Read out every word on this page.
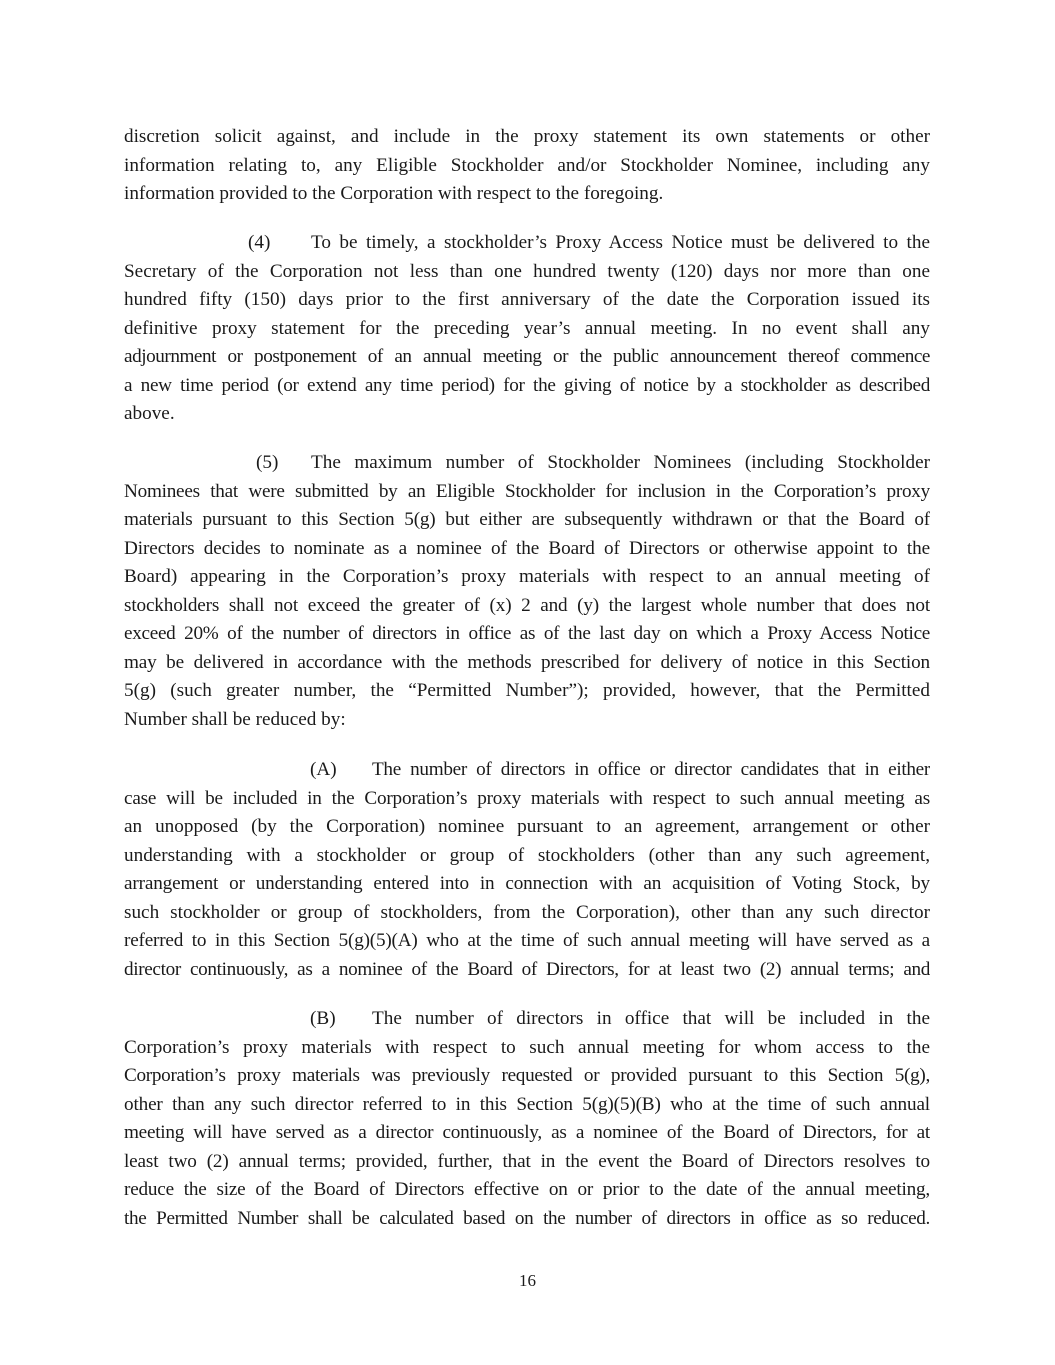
discretion solicit against, and include in the proxy statement its own statements or other
information relating to, any Eligible Stockholder and/or Stockholder Nominee, including any
information provided to the Corporation with respect to the foregoing.
(4)	To be timely, a stockholder’s Proxy Access Notice must be delivered to the
Secretary of the Corporation not less than one hundred twenty (120) days nor more than one
hundred fifty (150) days prior to the first anniversary of the date the Corporation issued its
definitive proxy statement for the preceding year’s annual meeting. In no event shall any
adjournment or postponement of an annual meeting or the public announcement thereof commence
a new time period (or extend any time period) for the giving of notice by a stockholder as described
above.
(5)	The maximum number of Stockholder Nominees (including Stockholder
Nominees that were submitted by an Eligible Stockholder for inclusion in the Corporation’s proxy
materials pursuant to this Section 5(g) but either are subsequently withdrawn or that the Board of
Directors decides to nominate as a nominee of the Board of Directors or otherwise appoint to the
Board) appearing in the Corporation’s proxy materials with respect to an annual meeting of
stockholders shall not exceed the greater of (x) 2 and (y) the largest whole number that does not
exceed 20% of the number of directors in office as of the last day on which a Proxy Access Notice
may be delivered in accordance with the methods prescribed for delivery of notice in this Section
5(g) (such greater number, the “Permitted Number”); provided, however, that the Permitted
Number shall be reduced by:
(A)	The number of directors in office or director candidates that in either
case will be included in the Corporation’s proxy materials with respect to such annual meeting as
an unopposed (by the Corporation) nominee pursuant to an agreement, arrangement or other
understanding with a stockholder or group of stockholders (other than any such agreement,
arrangement or understanding entered into in connection with an acquisition of Voting Stock, by
such stockholder or group of stockholders, from the Corporation), other than any such director
referred to in this Section 5(g)(5)(A) who at the time of such annual meeting will have served as a
director continuously, as a nominee of the Board of Directors, for at least two (2) annual terms; and
(B)	The number of directors in office that will be included in the
Corporation’s proxy materials with respect to such annual meeting for whom access to the
Corporation’s proxy materials was previously requested or provided pursuant to this Section 5(g),
other than any such director referred to in this Section 5(g)(5)(B) who at the time of such annual
meeting will have served as a director continuously, as a nominee of the Board of Directors, for at
least two (2) annual terms; provided, further, that in the event the Board of Directors resolves to
reduce the size of the Board of Directors effective on or prior to the date of the annual meeting,
the Permitted Number shall be calculated based on the number of directors in office as so reduced.
16
